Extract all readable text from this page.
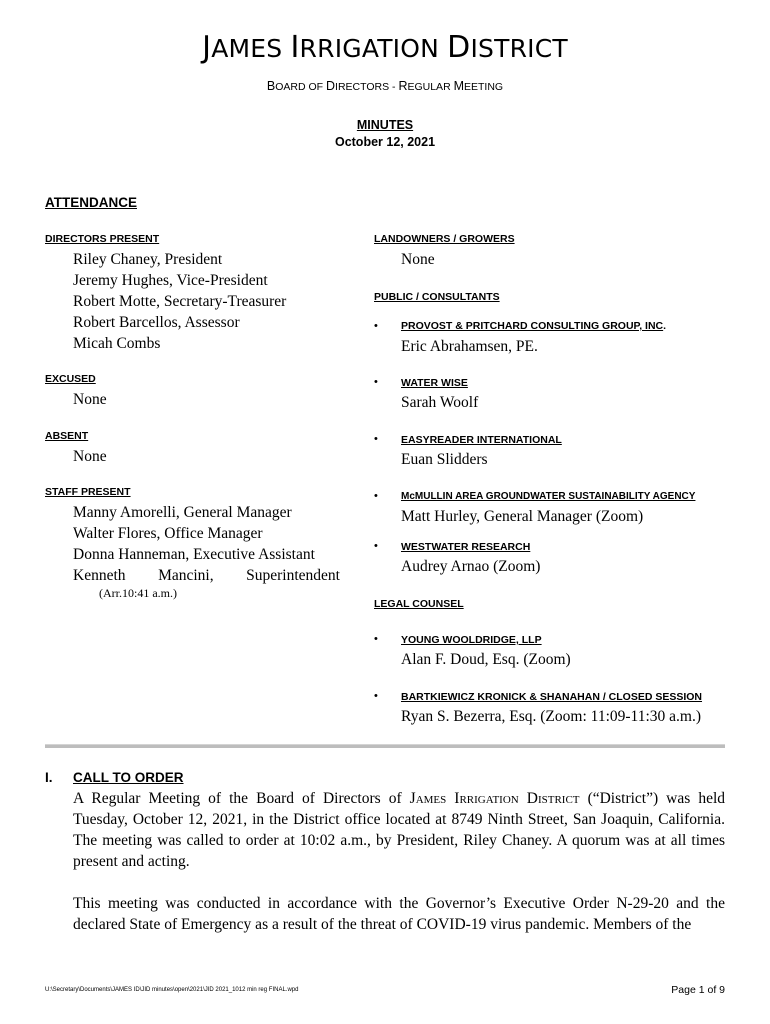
JAMES IRRIGATION DISTRICT
BOARD OF DIRECTORS - REGULAR MEETING
MINUTES
October 12, 2021
ATTENDANCE
DIRECTORS PRESENT
Riley Chaney, President
Jeremy Hughes, Vice-President
Robert Motte, Secretary-Treasurer
Robert Barcellos, Assessor
Micah Combs
EXCUSED
None
ABSENT
None
STAFF PRESENT
Manny Amorelli, General Manager
Walter Flores, Office Manager
Donna Hanneman, Executive Assistant
Kenneth Mancini, Superintendent
(Arr.10:41 a.m.)
LANDOWNERS / GROWERS
None
PUBLIC / CONSULTANTS
• PROVOST & PRITCHARD CONSULTING GROUP, INC.
Eric Abrahamsen, PE.
• WATER WISE
Sarah Woolf
• EASYREADER INTERNATIONAL
Euan Slidders
• McMULLIN AREA GROUNDWATER SUSTAINABILITY AGENCY
Matt Hurley, General Manager (Zoom)
• WESTWATER RESEARCH
Audrey Arnao (Zoom)
LEGAL COUNSEL
• YOUNG WOOLDRIDGE, LLP
Alan F. Doud, Esq. (Zoom)
• BARTKIEWICZ KRONICK & SHANAHAN / CLOSED SESSION
Ryan S. Bezerra, Esq. (Zoom: 11:09-11:30 a.m.)
I. CALL TO ORDER
A Regular Meeting of the Board of Directors of James Irrigation District (“District”) was held Tuesday, October 12, 2021, in the District office located at 8749 Ninth Street, San Joaquin, California. The meeting was called to order at 10:02 a.m., by President, Riley Chaney. A quorum was at all times present and acting.
This meeting was conducted in accordance with the Governor’s Executive Order N-29-20 and the declared State of Emergency as a result of the threat of COVID-19 virus pandemic. Members of the
U:\Secretary\Documents\JAMES ID\JID minutes\open\2021\JID 2021_1012 min reg FINAL.wpd	Page 1 of 9
